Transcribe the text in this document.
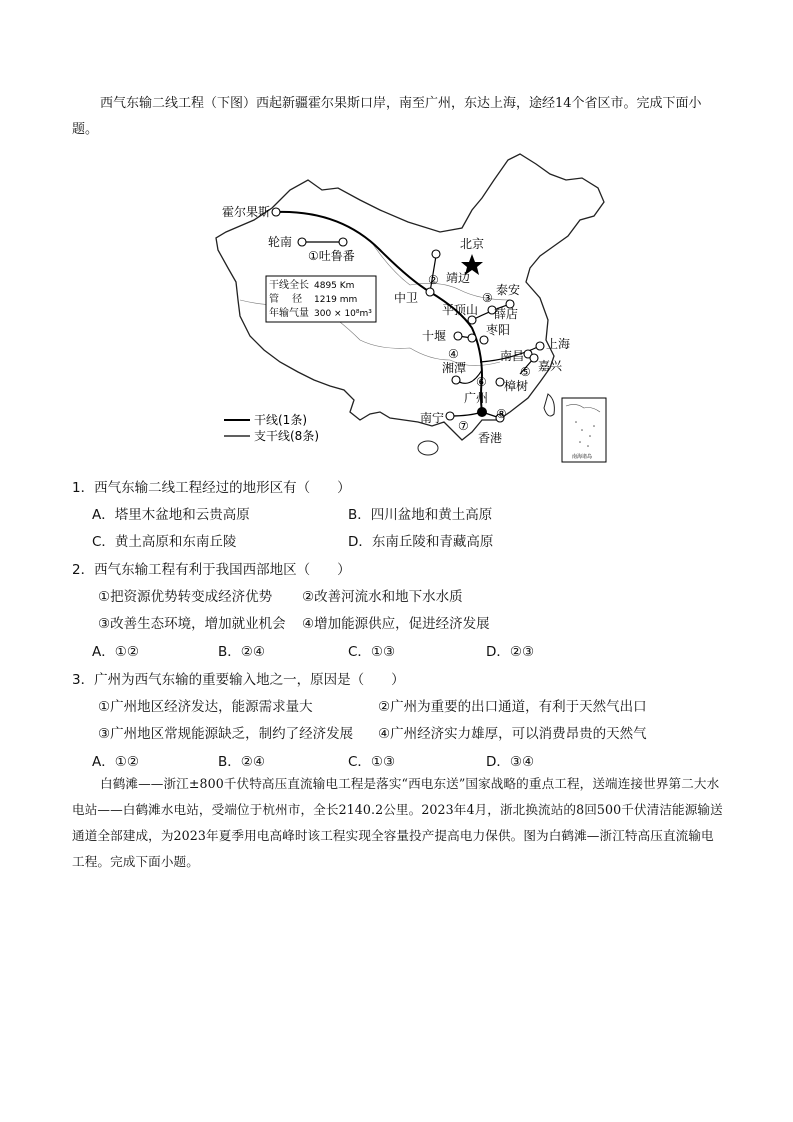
西气东输二线工程（下图）西起新疆霍尔果斯口岸，南至广州，东达上海，途经14个省区市。完成下面小题。

霍尔果斯
轮南
①吐鲁番
北京
② 靖边
中卫
泰安
平顶山
③
薛店
枣阳
十堰
上海
南昌
嘉兴
④
湘潭	⑤
⑥ 樟树
广州
南宁
⑦
⑧
香港
干线全长 4895 Km
管　 径 1219 mm
年输气量 300 × 10⁸m³
干线(1条)
支干线(8条)
南海诸岛
1．西气东输二线工程经过的地形区有（　　）
A．塔里木盆地和云贵高原	B．四川盆地和黄土高原
C．黄土高原和东南丘陵	D．东南丘陵和青藏高原
2．西气东输工程有利于我国西部地区（　　）
①把资源优势转变成经济优势 ②改善河流水和地下水水质
③改善生态环境，增加就业机会 ④增加能源供应，促进经济发展
A．①②	B．②④	C．①③	D．②③
3．广州为西气东输的重要输入地之一，原因是（　　）
①广州地区经济发达，能源需求量大	②广州为重要的出口通道，有利于天然气出口
③广州地区常规能源缺乏，制约了经济发展 ④广州经济实力雄厚，可以消费昂贵的天然气
A．①②	B．②④	C．①③	D．③④

白鹤滩——浙江±800千伏特高压直流输电工程是落实“西电东送”国家战略的重点工程，送端连接世界第二大水电站——白鹤滩水电站，受端位于杭州市，全长2140.2公里。2023年4月，浙北换流站的8回500千伏清洁能源输送通道全部建成，为2023年夏季用电高峰时该工程实现全容量投产提高电力保供。图为白鹤滩—浙江特高压直流输电工程。完成下面小题。
